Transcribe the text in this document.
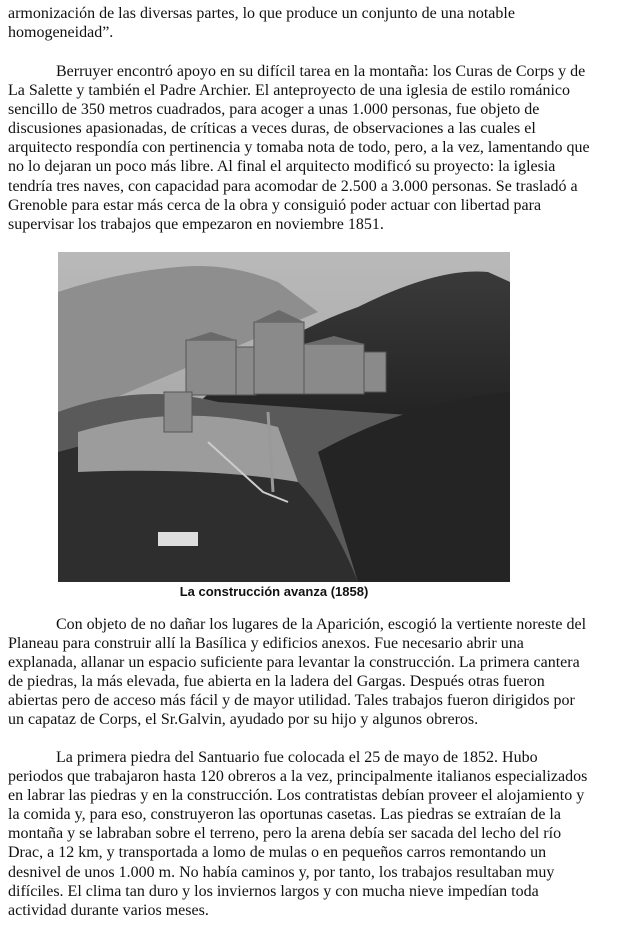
armonización de las diversas partes, lo que produce un conjunto de una notable
homogeneidad”.
Berruyer encontró apoyo en su difícil tarea en la montaña: los Curas de Corps y de
La Salette y también el Padre Archier. El anteproyecto de una iglesia de estilo románico
sencillo de 350 metros cuadrados, para acoger a unas 1.000 personas, fue objeto de
discusiones apasionadas, de críticas a veces duras, de observaciones a las cuales el
arquitecto respondía con pertinencia y tomaba nota de todo, pero, a la vez, lamentando que
no lo dejaran un poco más libre. Al final el arquitecto modificó su proyecto: la iglesia
tendría tres naves, con capacidad para acomodar de 2.500 a 3.000 personas. Se trasladó a
Grenoble para estar más cerca de la obra y consiguió poder actuar con libertad para
supervisar los trabajos que empezaron en noviembre 1851.
La construcción avanza (1858)
Con objeto de no dañar los lugares de la Aparición, escogió la vertiente noreste del
Planeau para construir allí la Basílica y edificios anexos. Fue necesario abrir una
explanada, allanar un espacio suficiente para levantar la construcción. La primera cantera
de piedras, la más elevada, fue abierta en la ladera del Gargas. Después otras fueron
abiertas pero de acceso más fácil y de mayor utilidad. Tales trabajos fueron dirigidos por
un capataz de Corps, el Sr.Galvin, ayudado por su hijo y algunos obreros.
La primera piedra del Santuario fue colocada el 25 de mayo de 1852. Hubo
periodos que trabajaron hasta 120 obreros a la vez, principalmente italianos especializados
en labrar las piedras y en la construcción. Los contratistas debían proveer el alojamiento y
la comida y, para eso, construyeron las oportunas casetas. Las piedras se extraían de la
montaña y se labraban sobre el terreno, pero la arena debía ser sacada del lecho del río
Drac, a 12 km, y transportada a lomo de mulas o en pequeños carros remontando un
desnivel de unos 1.000 m. No había caminos y, por tanto, los trabajos resultaban muy
difíciles. El clima tan duro y los inviernos largos y con mucha nieve impedían toda
actividad durante varios meses.
